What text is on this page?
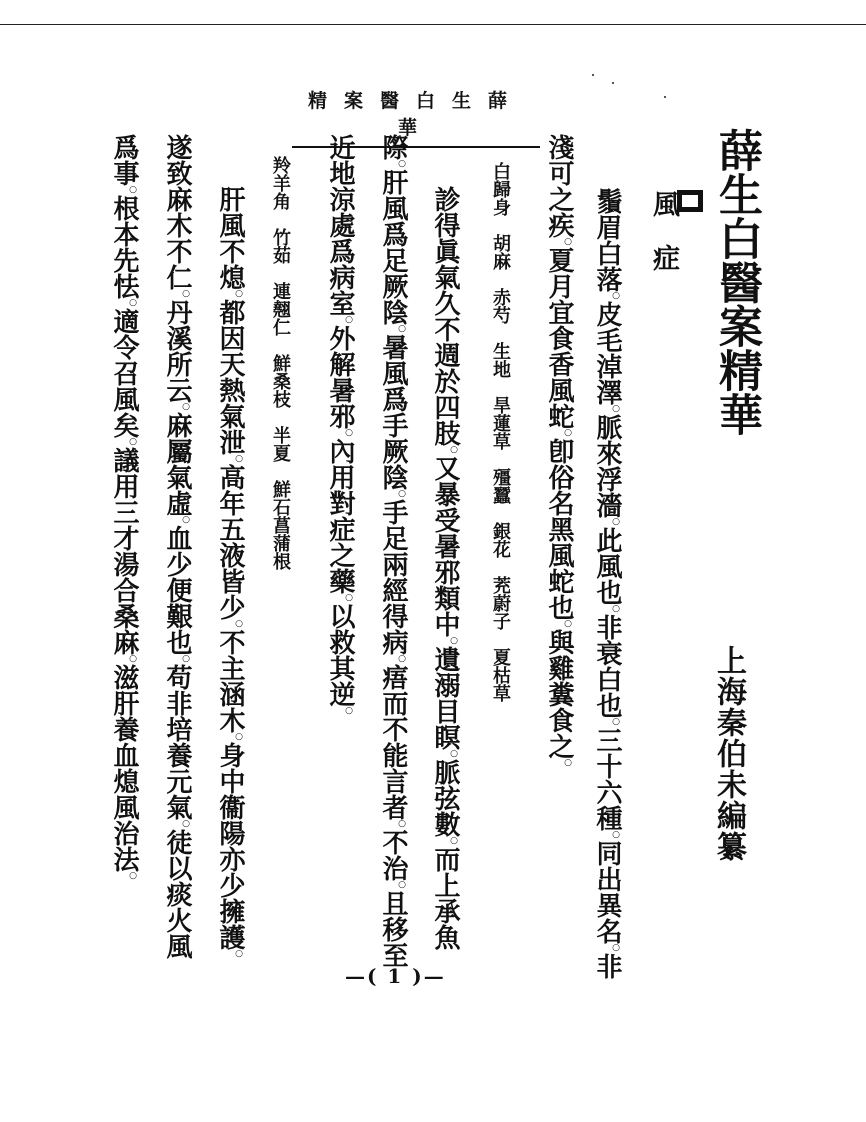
薛生白醫案精華	薛生白醫案精華
上海秦伯未編纂
風　症
鬚眉白落○皮毛淖澤○脈來浮濇○此風也○非衰白也○三十六種○同出異名○非
淺可之疾○夏月宜食香風蛇○卽俗名黑風蛇也○與雞糞食之○
白歸身　胡麻　赤芍　生地　旱蓮草　殭蠶　銀花　茺蔚子　夏枯草
診得眞氣久不週於四肢○又暴受暑邪類中○遺溺目瞑○脈弦數○而上承魚
際○肝風爲足厥陰○暑風爲手厥陰○手足兩經得病○痦而不能言者○不治○且移至
近地涼處爲病室○外解暑邪○內用對症之藥○以救其逆○
羚羊角　竹茹　連翹仁　鮮桑枝　半夏　鮮石菖蒲根
肝風不熄○都因天熱氣泄○高年五液皆少○不主涵木○身中衞陽亦少擁護○
遂致麻木不仁○丹溪所云○麻屬氣虛○血少便艱也○苟非培養元氣○徒以痰火風
爲事○根本先怯○適令召風矣○議用三才湯合桑麻○滋肝養血熄風治法○
—( 1 )—
